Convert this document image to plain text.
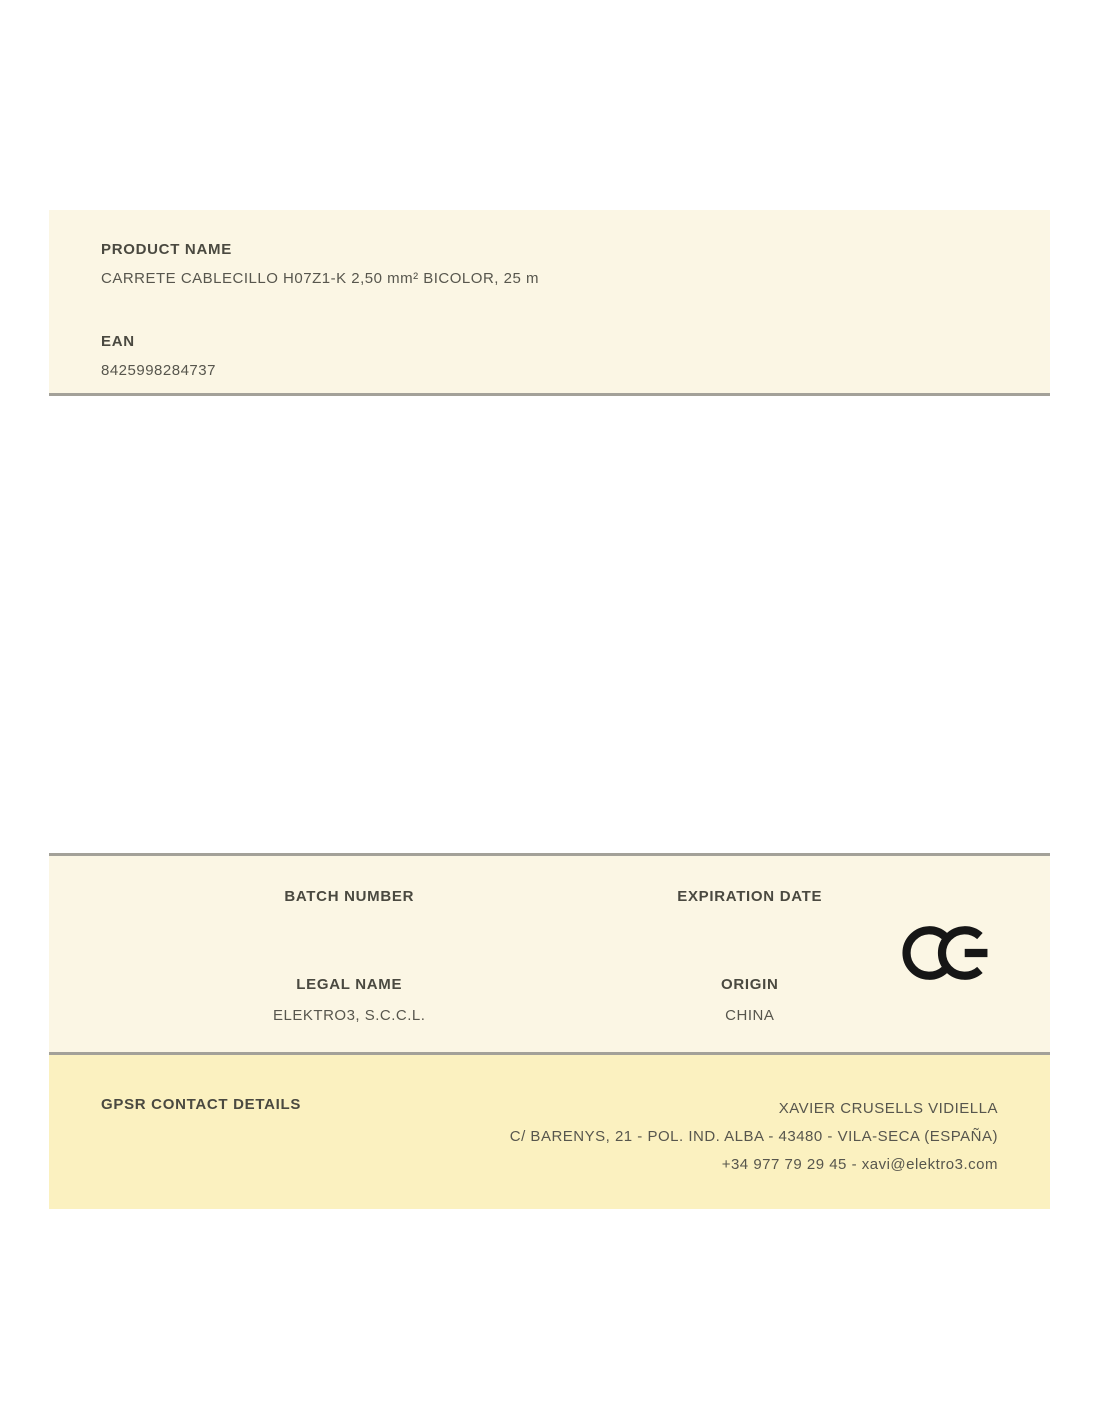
PRODUCT NAME
CARRETE CABLECILLO H07Z1-K 2,50 mm² BICOLOR, 25 m
EAN
8425998284737
BATCH NUMBER
LEGAL NAME
ELEKTRO3, S.C.C.L.
EXPIRATION DATE
ORIGIN
CHINA
GPSR CONTACT DETAILS	XAVIER CRUSELLS VIDIELLA
C/ BARENYS, 21 - POL. IND. ALBA - 43480 - VILA-SECA (ESPAÑA)
+34 977 79 29 45 - xavi@elektro3.com
